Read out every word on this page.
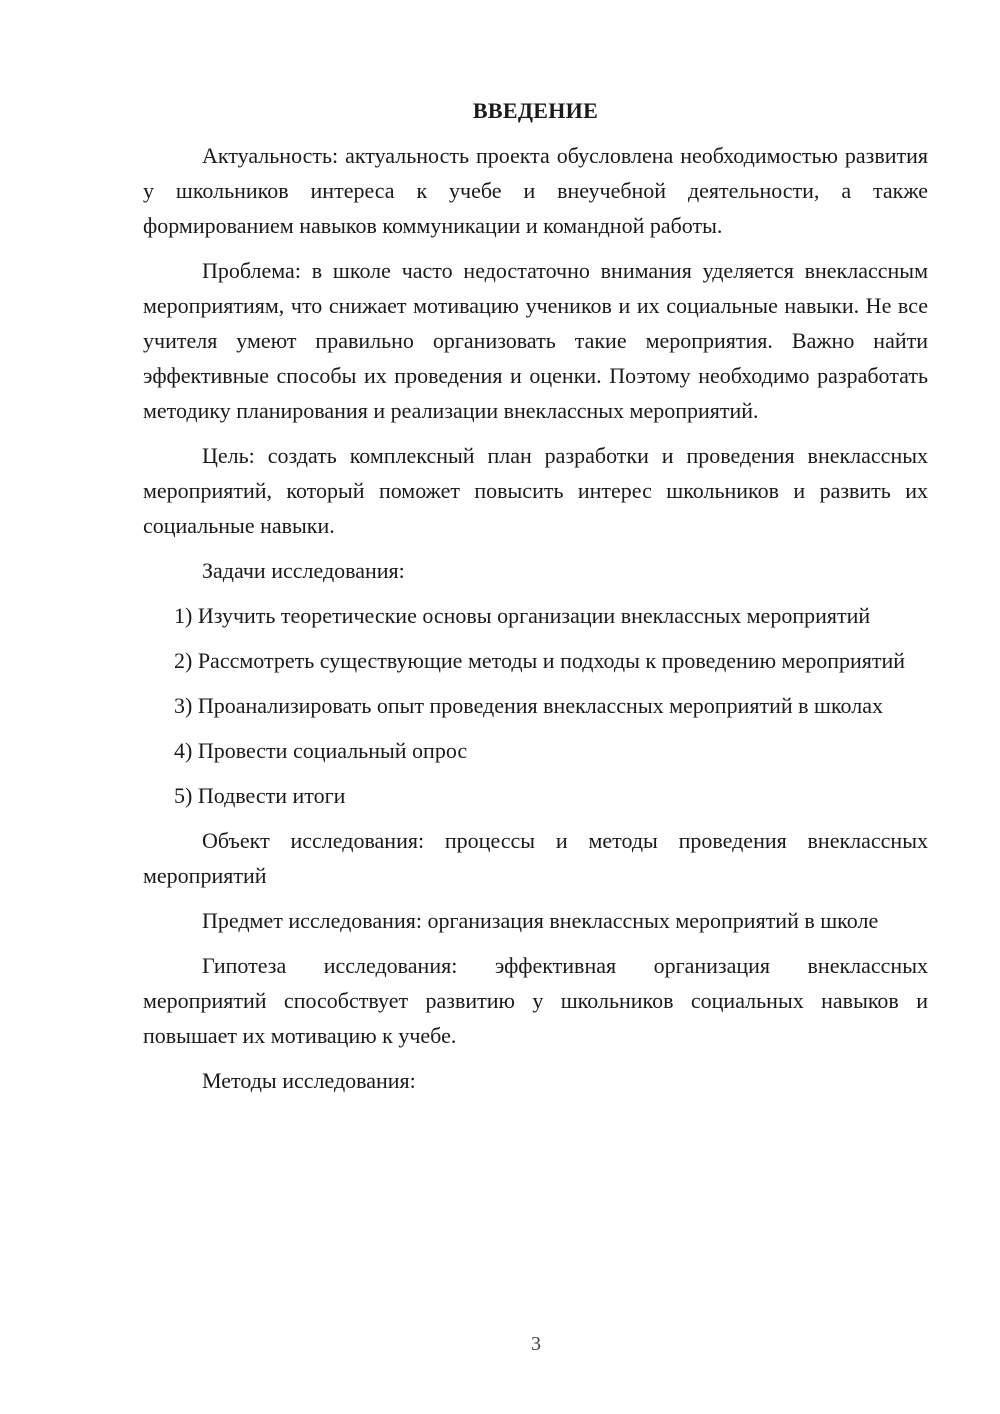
ВВЕДЕНИЕ

Актуальность: актуальность проекта обусловлена необходимостью развития у школьников интереса к учебе и внеучебной деятельности, а также формированием навыков коммуникации и командной работы.

Проблема: в школе часто недостаточно внимания уделяется внеклассным мероприятиям, что снижает мотивацию учеников и их социальные навыки. Не все учителя умеют правильно организовать такие мероприятия. Важно найти эффективные способы их проведения и оценки. Поэтому необходимо разработать методику планирования и реализации внеклассных мероприятий.

Цель: создать комплексный план разработки и проведения внеклассных мероприятий, который поможет повысить интерес школьников и развить их социальные навыки.

Задачи исследования:

1) Изучить теоретические основы организации внеклассных мероприятий

2) Рассмотреть существующие методы и подходы к проведению мероприятий

3) Проанализировать опыт проведения внеклассных мероприятий в школах

4) Провести социальный опрос

5) Подвести итоги

Объект исследования: процессы и методы проведения внеклассных мероприятий

Предмет исследования: организация внеклассных мероприятий в школе

Гипотеза исследования: эффективная организация внеклассных мероприятий способствует развитию у школьников социальных навыков и повышает их мотивацию к учебе.

Методы исследования:

3
